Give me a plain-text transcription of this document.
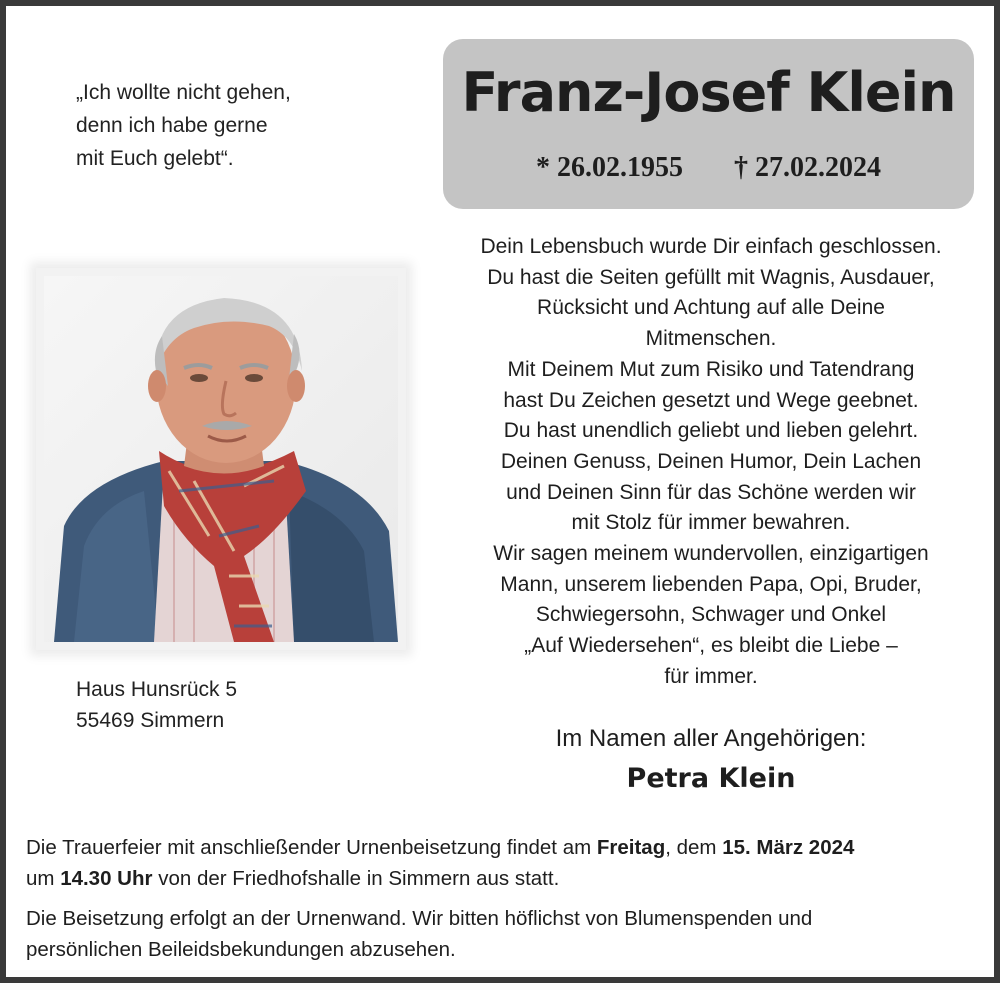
„Ich wollte nicht gehen,
denn ich habe gerne
mit Euch gelebt“.
Franz-Josef Klein
* 26.02.1955 † 27.02.2024
Haus Hunsrück 5
55469 Simmern
Dein Lebensbuch wurde Dir einfach geschlossen.
Du hast die Seiten gefüllt mit Wagnis, Ausdauer,
Rücksicht und Achtung auf alle Deine
Mitmenschen.
Mit Deinem Mut zum Risiko und Tatendrang
hast Du Zeichen gesetzt und Wege geebnet.
Du hast unendlich geliebt und lieben gelehrt.
Deinen Genuss, Deinen Humor, Dein Lachen
und Deinen Sinn für das Schöne werden wir
mit Stolz für immer bewahren.
Wir sagen meinem wundervollen, einzigartigen
Mann, unserem liebenden Papa, Opi, Bruder,
Schwiegersohn, Schwager und Onkel
„Auf Wiedersehen“, es bleibt die Liebe –
für immer.
Im Namen aller Angehörigen:
Petra Klein
Die Trauerfeier mit anschließender Urnenbeisetzung findet am Freitag, dem 15. März 2024
um 14.30 Uhr von der Friedhofshalle in Simmern aus statt.
Die Beisetzung erfolgt an der Urnenwand. Wir bitten höflichst von Blumenspenden und
persönlichen Beileidsbekundungen abzusehen.
